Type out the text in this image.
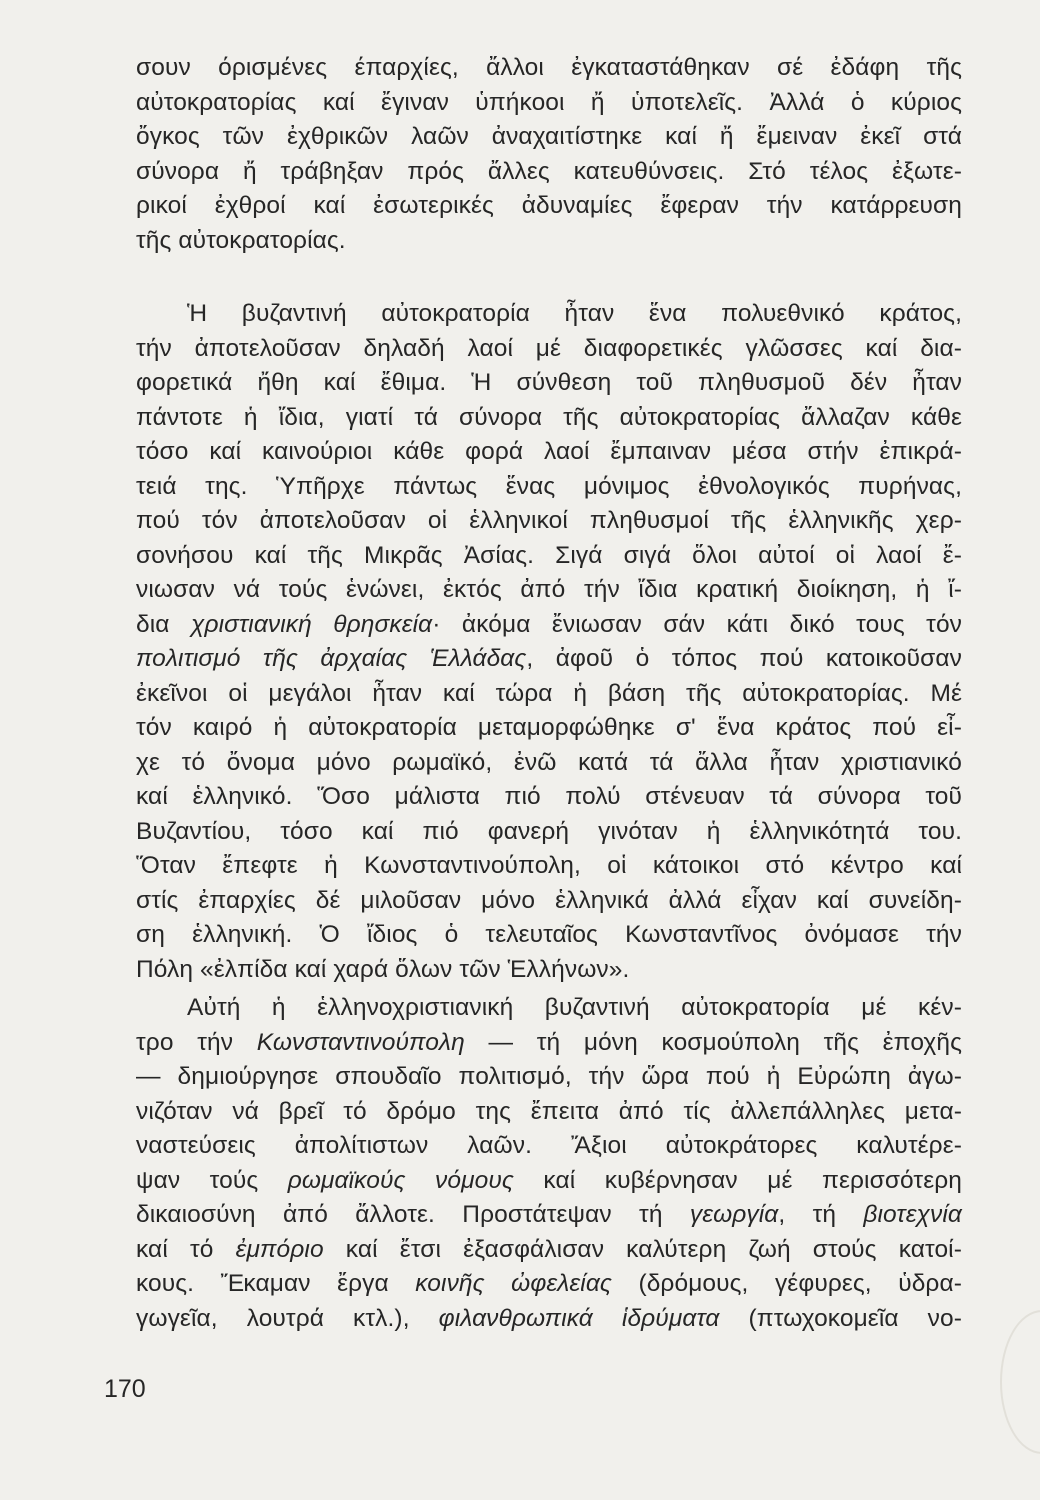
σουν όρισμένες έπαρχίες, ἄλλοι ἐγκαταστάθηκαν σέ ἐδάφη τῆς
αὐτοκρατορίας καί ἔγιναν ὑπήκοοι ἤ ὑποτελεῖς. Ἀλλά ὁ κύριος
ὄγκος τῶν ἐχθρικῶν λαῶν ἀναχαιτίστηκε καί ἤ ἔμειναν ἐκεῖ στά
σύνορα ἤ τράβηξαν πρός ἄλλες κατευθύνσεις. Στό τέλος ἐξωτε-
ρικοί ἐχθροί καί ἐσωτερικές ἀδυναμίες ἔφεραν τήν κατάρρευση
τῆς αὐτοκρατορίας.
Ἡ βυζαντινή αὐτοκρατορία ἦταν ἕνα πολυεθνικό κράτος,
τήν ἀποτελοῦσαν δηλαδή λαοί μέ διαφορετικές γλῶσσες καί δια-
φορετικά ἤθη καί ἔθιμα. Ἡ σύνθεση τοῦ πληθυσμοῦ δέν ἦταν
πάντοτε ἡ ἴδια, γιατί τά σύνορα τῆς αὐτοκρατορίας ἄλλαζαν κάθε
τόσο καί καινούριοι κάθε φορά λαοί ἔμπαιναν μέσα στήν ἐπικρά-
τειά της. Ὑπῆρχε πάντως ἕνας μόνιμος ἐθνολογικός πυρήνας,
πού τόν ἀποτελοῦσαν οἱ ἑλληνικοί πληθυσμοί τῆς ἑλληνικῆς χερ-
σονήσου καί τῆς Μικρᾶς Ἀσίας. Σιγά σιγά ὅλοι αὐτοί οἱ λαοί ἔ-
νιωσαν νά τούς ἑνώνει, ἐκτός ἀπό τήν ἴδια κρατική διοίκηση, ἡ ἴ-
δια χριστιανική θρησκεία· ἀκόμα ἔνιωσαν σάν κάτι δικό τους τόν
πολιτισμό τῆς ἀρχαίας Ἑλλάδας, ἀφοῦ ὁ τόπος πού κατοικοῦσαν
ἐκεῖνοι οἱ μεγάλοι ἦταν καί τώρα ἡ βάση τῆς αὐτοκρατορίας. Μέ
τόν καιρό ἡ αὐτοκρατορία μεταμορφώθηκε σ' ἕνα κράτος πού εἶ-
χε τό ὄνομα μόνο ρωμαϊκό, ἐνῶ κατά τά ἄλλα ἦταν χριστιανικό
καί ἑλληνικό. Ὅσο μάλιστα πιό πολύ στένευαν τά σύνορα τοῦ
Βυζαντίου, τόσο καί πιό φανερή γινόταν ἡ ἑλληνικότητά του.
Ὅταν ἔπεφτε ἡ Κωνσταντινούπολη, οἱ κάτοικοι στό κέντρο καί
στίς ἐπαρχίες δέ μιλοῦσαν μόνο ἑλληνικά ἀλλά εἶχαν καί συνείδη-
ση ἑλληνική. Ὁ ἴδιος ὁ τελευταῖος Κωνσταντῖνος ὀνόμασε τήν
Πόλη «ἐλπίδα καί χαρά ὅλων τῶν Ἑλλήνων».
Αὐτή ἡ ἑλληνοχριστιανική βυζαντινή αὐτοκρατορία μέ κέν-
τρο τήν Κωνσταντινούπολη — τή μόνη κοσμούπολη τῆς ἐποχῆς
— δημιούργησε σπουδαῖο πολιτισμό, τήν ὥρα πού ἡ Εὐρώπη ἀγω-
νιζόταν νά βρεῖ τό δρόμο της ἔπειτα ἀπό τίς ἀλλεπάλληλες μετα-
ναστεύσεις ἀπολίτιστων λαῶν. Ἄξιοι αὐτοκράτορες καλυτέρε-
ψαν τούς ρωμαϊκούς νόμους καί κυβέρνησαν μέ περισσότερη
δικαιοσύνη ἀπό ἄλλοτε. Προστάτεψαν τή γεωργία, τή βιοτεχνία
καί τό ἐμπόριο καί ἔτσι ἐξασφάλισαν καλύτερη ζωή στούς κατοί-
κους. Ἔκαμαν ἔργα κοινῆς ὠφελείας (δρόμους, γέφυρες, ὑδρα-
γωγεῖα, λουτρά κτλ.), φιλανθρωπικά ἱδρύματα (πτωχοκομεῖα νο-
170
